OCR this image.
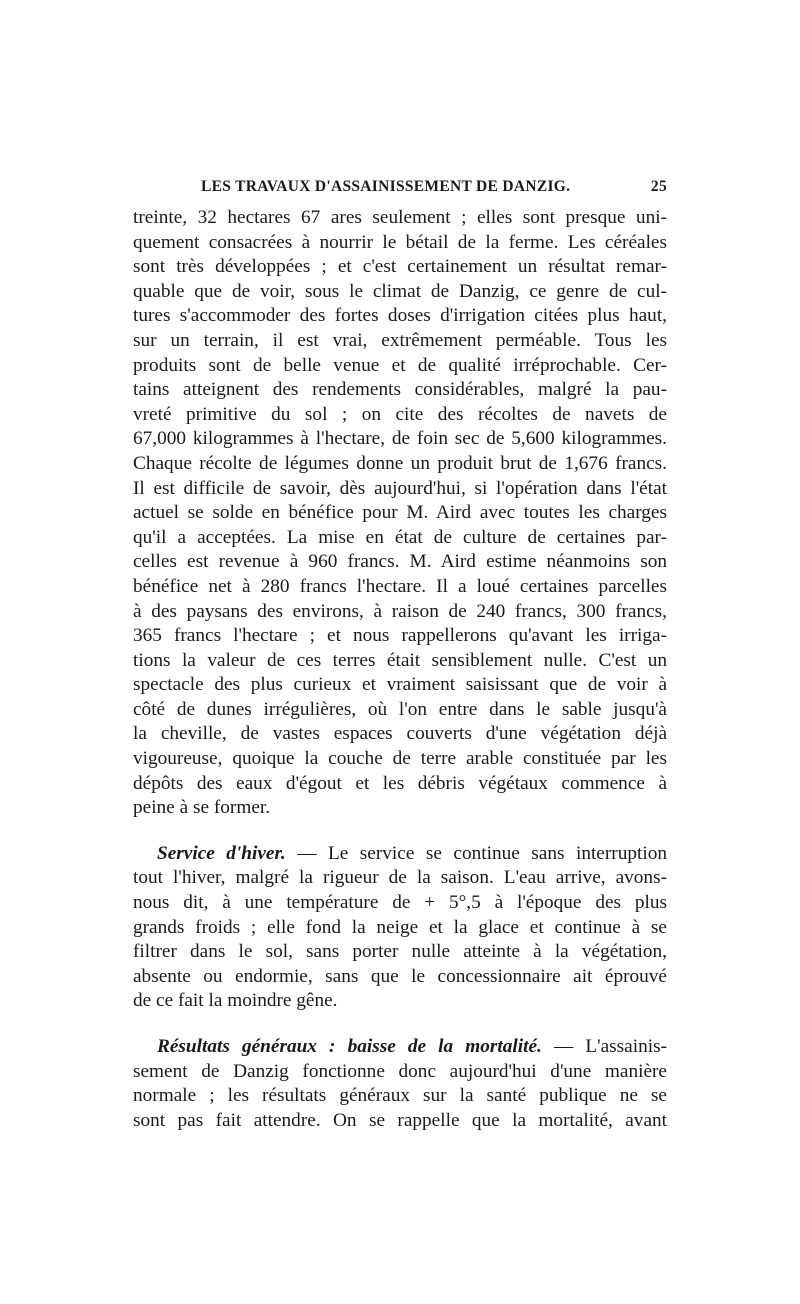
LES TRAVAUX D'ASSAINISSEMENT DE DANZIG.	25
treinte, 32 hectares 67 ares seulement ; elles sont presque uni-
quement consacrées à nourrir le bétail de la ferme. Les céréales
sont très développées ; et c'est certainement un résultat remar-
quable que de voir, sous le climat de Danzig, ce genre de cul-
tures s'accommoder des fortes doses d'irrigation citées plus haut,
sur un terrain, il est vrai, extrêmement perméable. Tous les
produits sont de belle venue et de qualité irréprochable. Cer-
tains atteignent des rendements considérables, malgré la pau-
vreté primitive du sol ; on cite des récoltes de navets de
67,000 kilogrammes à l'hectare, de foin sec de 5,600 kilogrammes.
Chaque récolte de légumes donne un produit brut de 1,676 francs.
Il est difficile de savoir, dès aujourd'hui, si l'opération dans l'état
actuel se solde en bénéfice pour M. Aird avec toutes les charges
qu'il a acceptées. La mise en état de culture de certaines par-
celles est revenue à 960 francs. M. Aird estime néanmoins son
bénéfice net à 280 francs l'hectare. Il a loué certaines parcelles
à des paysans des environs, à raison de 240 francs, 300 francs,
365 francs l'hectare ; et nous rappellerons qu'avant les irriga-
tions la valeur de ces terres était sensiblement nulle. C'est un
spectacle des plus curieux et vraiment saisissant que de voir à
côté de dunes irrégulières, où l'on entre dans le sable jusqu'à
la cheville, de vastes espaces couverts d'une végétation déjà
vigoureuse, quoique la couche de terre arable constituée par les
dépôts des eaux d'égout et les débris végétaux commence à
peine à se former.
Service d'hiver. — Le service se continue sans interruption
tout l'hiver, malgré la rigueur de la saison. L'eau arrive, avons-
nous dit, à une température de + 5°,5 à l'époque des plus
grands froids ; elle fond la neige et la glace et continue à se
filtrer dans le sol, sans porter nulle atteinte à la végétation,
absente ou endormie, sans que le concessionnaire ait éprouvé
de ce fait la moindre gêne.
Résultats généraux : baisse de la mortalité. — L'assainis-
sement de Danzig fonctionne donc aujourd'hui d'une manière
normale ; les résultats généraux sur la santé publique ne se
sont pas fait attendre. On se rappelle que la mortalité, avant
